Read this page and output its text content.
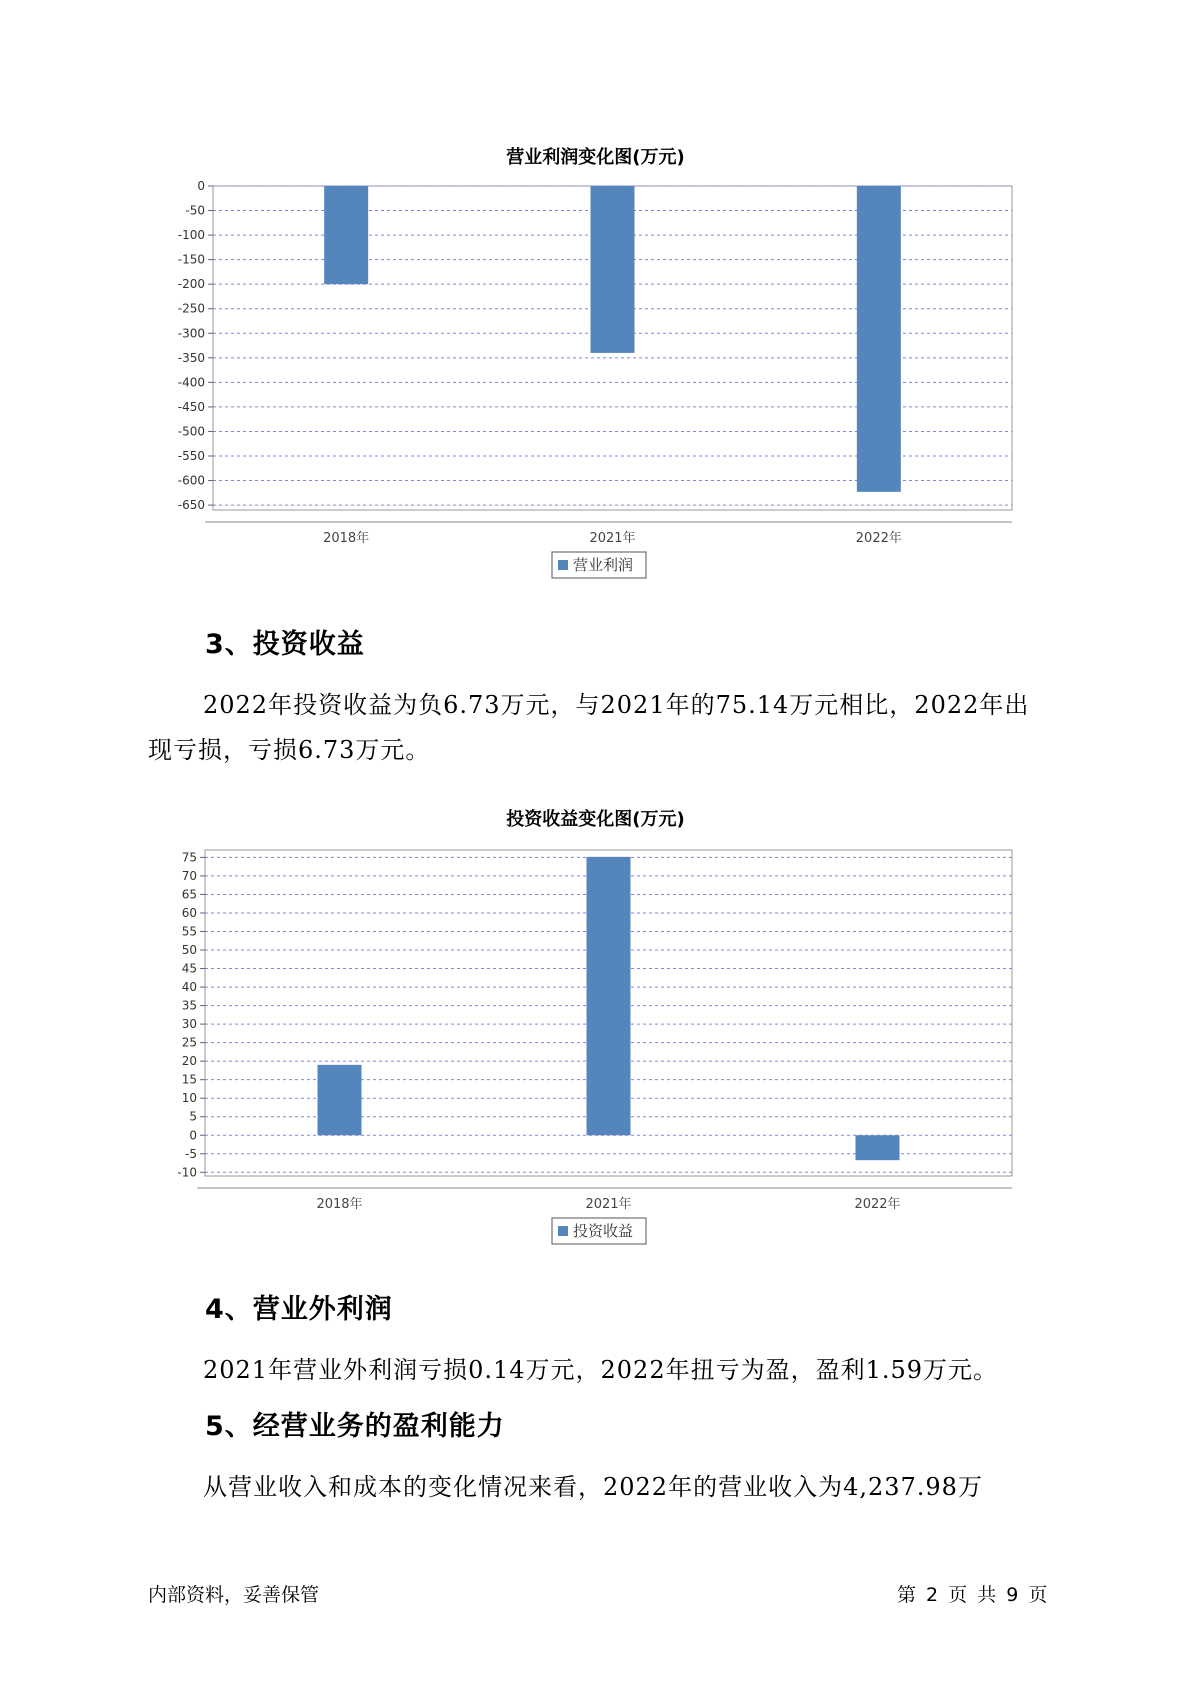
营业利润变化图(万元)
0
-50
-100
-150
-200
-250
-300
-350
-400
-450
-500
-550
-600
-650
2018年	2021年	2022年
营业利润
3、投资收益
2022年投资收益为负6.73万元，与2021年的75.14万元相比，2022年出
现亏损，亏损6.73万元。
投资收益变化图(万元)
75
70
65
60
55
50
45
40
35
30
25
20
15
10
5
0
-5
-10
2018年	2021年	2022年
投资收益
4、营业外利润
2021年营业外利润亏损0.14万元，2022年扭亏为盈，盈利1.59万元。
5、经营业务的盈利能力
从营业收入和成本的变化情况来看，2022年的营业收入为4,237.98万
内部资料，妥善保管	第 2 页 共 9 页
